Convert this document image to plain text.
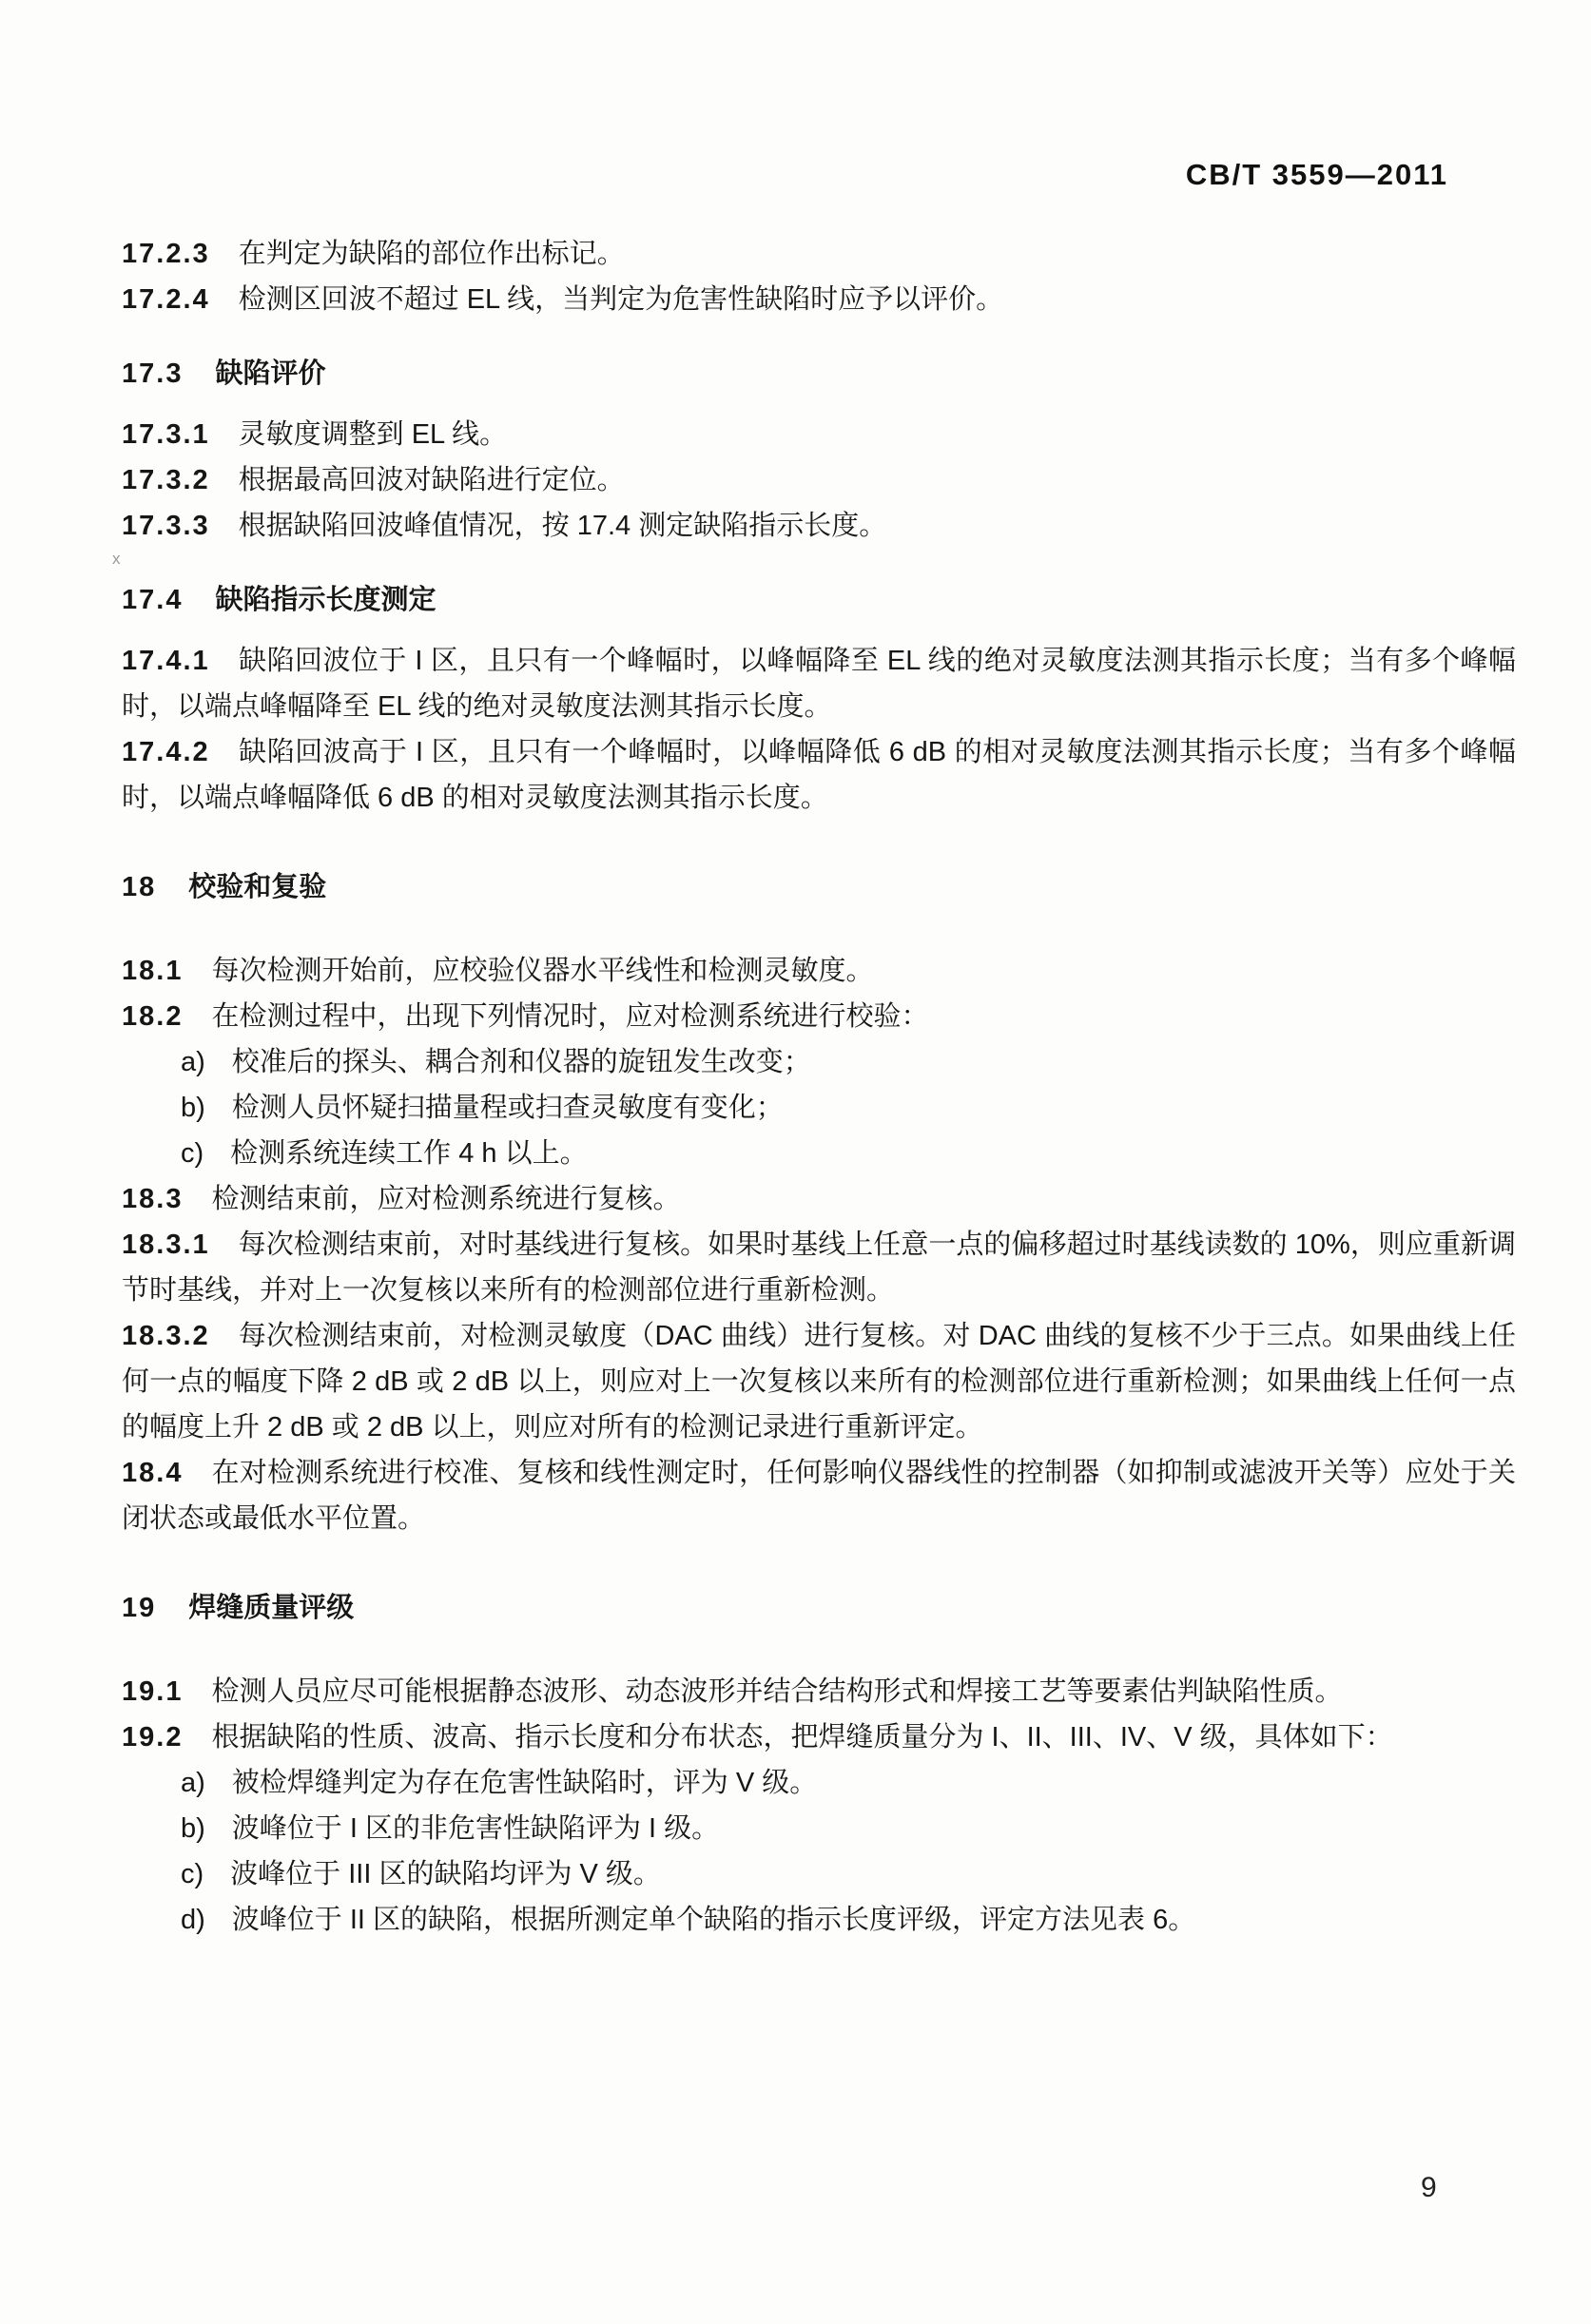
CB/T 3559—2011

17.2.3 在判定为缺陷的部位作出标记。

17.2.4 检测区回波不超过 EL 线，当判定为危害性缺陷时应予以评价。

17.3 缺陷评价

17.3.1 灵敏度调整到 EL 线。

17.3.2 根据最高回波对缺陷进行定位。

17.3.3 根据缺陷回波峰值情况，按 17.4 测定缺陷指示长度。

17.4 缺陷指示长度测定

17.4.1 缺陷回波位于 I 区，且只有一个峰幅时，以峰幅降至 EL 线的绝对灵敏度法测其指示长度；当有多个峰幅时，以端点峰幅降至 EL 线的绝对灵敏度法测其指示长度。

17.4.2 缺陷回波高于 I 区，且只有一个峰幅时，以峰幅降低 6 dB 的相对灵敏度法测其指示长度；当有多个峰幅时，以端点峰幅降低 6 dB 的相对灵敏度法测其指示长度。

18 校验和复验

18.1 每次检测开始前，应校验仪器水平线性和检测灵敏度。

18.2 在检测过程中，出现下列情况时，应对检测系统进行校验：

a) 校准后的探头、耦合剂和仪器的旋钮发生改变；

b) 检测人员怀疑扫描量程或扫查灵敏度有变化；

c) 检测系统连续工作 4 h 以上。

18.3 检测结束前，应对检测系统进行复核。

18.3.1 每次检测结束前，对时基线进行复核。如果时基线上任意一点的偏移超过时基线读数的 10%，则应重新调节时基线，并对上一次复核以来所有的检测部位进行重新检测。

18.3.2 每次检测结束前，对检测灵敏度（DAC 曲线）进行复核。对 DAC 曲线的复核不少于三点。如果曲线上任何一点的幅度下降 2 dB 或 2 dB 以上，则应对上一次复核以来所有的检测部位进行重新检测；如果曲线上任何一点的幅度上升 2 dB 或 2 dB 以上，则应对所有的检测记录进行重新评定。

18.4 在对检测系统进行校准、复核和线性测定时，任何影响仪器线性的控制器（如抑制或滤波开关等）应处于关闭状态或最低水平位置。

19 焊缝质量评级

19.1 检测人员应尽可能根据静态波形、动态波形并结合结构形式和焊接工艺等要素估判缺陷性质。

19.2 根据缺陷的性质、波高、指示长度和分布状态，把焊缝质量分为 I、II、III、IV、V 级，具体如下：

a) 被检焊缝判定为存在危害性缺陷时，评为 V 级。

b) 波峰位于 I 区的非危害性缺陷评为 I 级。

c) 波峰位于 III 区的缺陷均评为 V 级。

d) 波峰位于 II 区的缺陷，根据所测定单个缺陷的指示长度评级，评定方法见表 6。

x
9
